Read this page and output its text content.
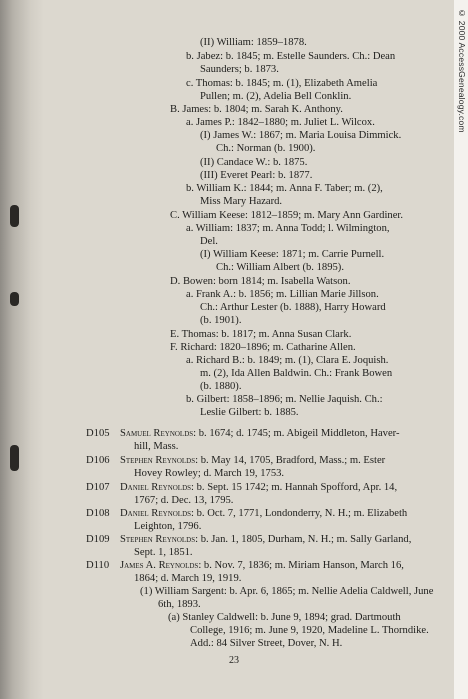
© 2000 AccessGenealogy.com
(II) William: 1859–1878.
b. Jabez: b. 1845; m. Estelle Saunders. Ch.: Dean
Saunders; b. 1873.
c. Thomas: b. 1845; m. (1), Elizabeth Amelia
Pullen; m. (2), Adelia Bell Conklin.
B. James: b. 1804; m. Sarah K. Anthony.
a. James P.: 1842–1880; m. Juliet L. Wilcox.
(I) James W.: 1867; m. Maria Louisa Dimmick.
Ch.: Norman (b. 1900).
(II) Candace W.: b. 1875.
(III) Everet Pearl: b. 1877.
b. William K.: 1844; m. Anna F. Taber; m. (2),
Miss Mary Hazard.
C. William Keese: 1812–1859; m. Mary Ann Gardiner.
a. William: 1837; m. Anna Todd; l. Wilmington,
Del.
(I) William Keese: 1871; m. Carrie Purnell.
Ch.: William Albert (b. 1895).
D. Bowen: born 1814; m. Isabella Watson.
a. Frank A.: b. 1856; m. Lillian Marie Jillson.
Ch.: Arthur Lester (b. 1888), Harry Howard
(b. 1901).
E. Thomas: b. 1817; m. Anna Susan Clark.
F. Richard: 1820–1896; m. Catharine Allen.
a. Richard B.: b. 1849; m. (1), Clara E. Joquish.
m. (2), Ida Allen Baldwin. Ch.: Frank Bowen
(b. 1880).
b. Gilbert: 1858–1896; m. Nellie Jaquish. Ch.:
Leslie Gilbert: b. 1885.
D105 Samuel Reynolds: b. 1674; d. 1745; m. Abigeil Middleton, Haver-
hill, Mass.
D106 Stephen Reynolds: b. May 14, 1705, Bradford, Mass.; m. Ester
Hovey Rowley; d. March 19, 1753.
D107 Daniel Reynolds: b. Sept. 15 1742; m. Hannah Spofford, Apr. 14,
1767; d. Dec. 13, 1795.
D108 Daniel Reynolds: b. Oct. 7, 1771, Londonderry, N. H.; m. Elizabeth
Leighton, 1796.
D109 Stephen Reynolds: b. Jan. 1, 1805, Durham, N. H.; m. Sally Garland,
Sept. 1, 1851.
D110 James A. Reynolds: b. Nov. 7, 1836; m. Miriam Hanson, March 16,
1864; d. March 19, 1919.
(1) William Sargent: b. Apr. 6, 1865; m. Nellie Adelia Caldwell, June
6th, 1893.
(a) Stanley Caldwell: b. June 9, 1894; grad. Dartmouth
College, 1916; m. June 9, 1920, Madeline L. Thorndike.
Add.: 84 Silver Street, Dover, N. H.
23
